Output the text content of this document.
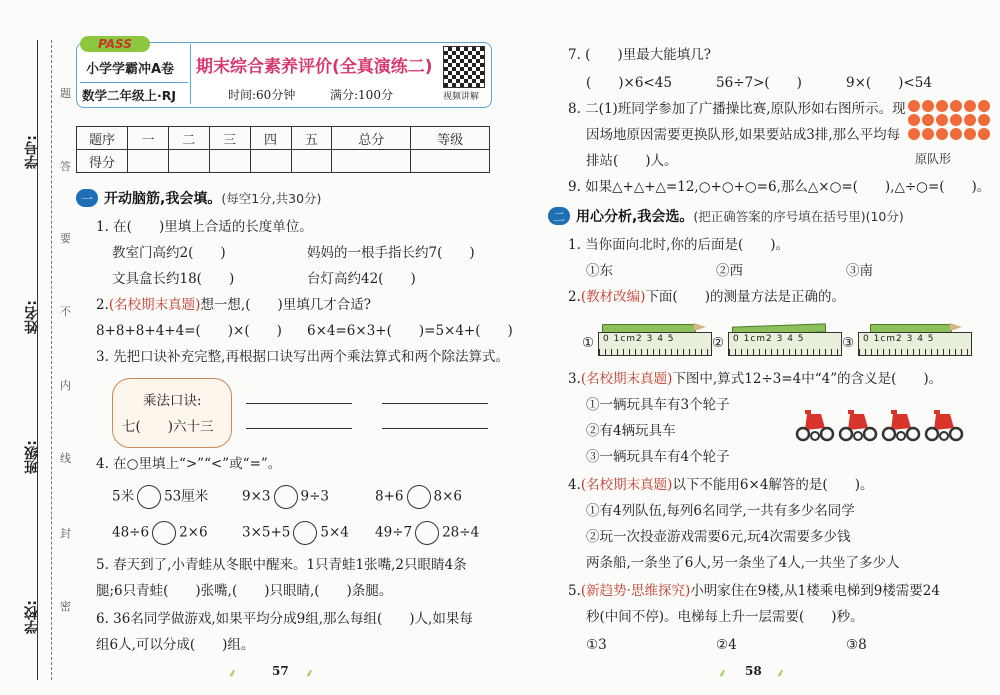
学号:
姓名:
班级:
学校:
题
答
要
不
内
线
封
密
PASS
小学学霸冲A卷
数学二年级上·RJ
期末综合素养评价(全真演练二)
时间:60分钟	满分:100分	视频讲解
题序	一	二	三	四	五	总分	等级
得分							
一 开动脑筋,我会填。 (每空1分,共30分)
1. 在(　　)里填上合适的长度单位。
教室门高约2(　　)	妈妈的一根手指长约7(　　)
文具盒长约18(　　)	台灯高约42(　　)
2.(名校期末真题)想一想,(　　)里填几才合适?
8+8+8+4+4=(　　)×(　　) 6×4=6×3+(　　)=5×4+(　　)
3. 先把口诀补充完整,再根据口诀写出两个乘法算式和两个除法算式。
乘法口诀:
七(　　)六十三
4. 在○里填上“>”“<”或“=”。
5米 53厘米 9×3 9÷3	8+6 8×6
48÷6 2×6	3×5+5 5×4 49÷7 28÷4
5. 春天到了,小青蛙从冬眠中醒来。1只青蛙1张嘴,2只眼睛4条
腿;6只青蛙(　　)张嘴,(　　)只眼睛,(　　)条腿。
6. 36名同学做游戏,如果平均分成9组,那么每组(　　)人,如果每
组6人,可以分成(　　)组。
⸙	57 ⸙
7. (　　)里最大能填几?
(　　)×6<45	56÷7>(　　)	9×(　　)<54
8. 二(1)班同学参加了广播操比赛,原队形如右图所示。现
因场地原因需要更换队形,如果要站成3排,那么平均每
排站(　　)人。	原队形
9. 如果△+△+△=12,○+○+○=6,那么△×○=(　　),△÷○=(　　)。
二 用心分析,我会选。 (把正确答案的序号填在括号里)(10分)
1. 当你面向北时,你的后面是(　　)。
①东	②西	③南
2.(教材改编)下面(　　)的测量方法是正确的。
① 0 1cm2 3 4 5	② 0 1cm2 3 4 5	③ 0 1cm2 3 4 5
3.(名校期末真题)下图中,算式12÷3=4中“4”的含义是(　　)。
①一辆玩具车有3个轮子
②有4辆玩具车
③一辆玩具车有4个轮子
4.(名校期末真题)以下不能用6×4解答的是(　　)。
①有4列队伍,每列6名同学,一共有多少名同学
②玩一次投壶游戏需要6元,玩4次需要多少钱
两条船,一条坐了6人,另一条坐了4人,一共坐了多少人
5.(新趋势·思维探究)小明家住在9楼,从1楼乘电梯到9楼需要24
秒(中间不停)。电梯每上升一层需要(　　)秒。
①3	②4	③8
⸙ 58 ⸙
